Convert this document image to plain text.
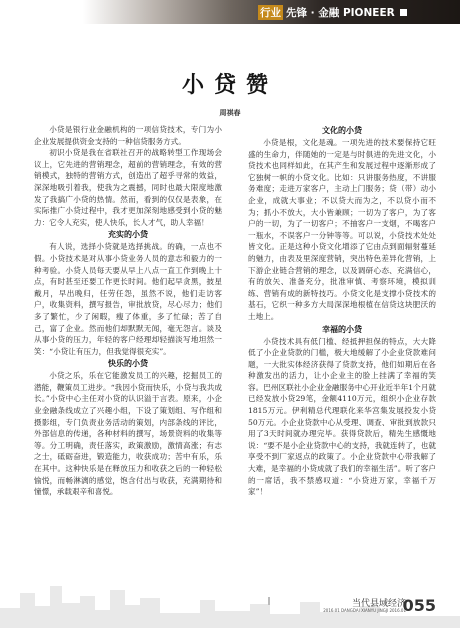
行业 先锋 · 金融 PIONEER
小贷赞
周祺春

小贷是银行业金融机构的一项信贷技术，专门为小企业发展提供资金支持的一种信贷服务方式。

初识小贷是我在省联社召开的战略转型工作现场会议上，它先进的营销理念，超前的营销理念，有效的营销模式，独特的营销方式，创造出了超乎寻常的效益，深深地吸引着我，使我为之震撼，同时也最大限度地激发了我搞广小贷的热情。然而，看到的仅仅是表象，在实际推广小贷过程中，我才更加深刻地感受到小贷的魅力：它令人充实，使人快乐，长人才气，助人幸福！

充实的小贷

有人说，选择小贷就是选择挑战。的确，一点也不假。小贷技术是对从事小贷业务人员的意志和毅力的一种考验。小贷人员每天要从早上八点一直工作到晚上十点，有时甚至还要工作更长时间。他们起早贪黑，披星戴月，早出晚归，任劳任怨，虽然不说，他们走访客户，收集资料，撰写报告，审批放贷，尽心尽力；他们多了繁忙，少了闲暇，瘦了体重，多了忙碌；苦了自己，富了企业。然而他们却默默无闻，毫无怨言。谈及从事小贷的压力，年轻的客户经理却轻描淡写地坦然一笑：“小贷让有压力，但我觉得很充实”。

快乐的小贷

小贷之乐，乐在它能激发员工的兴趣，挖掘员工的潜能，鞭策员工进步。“我因小贷而快乐，小贷与我共成长。”小贷中心主任对小贷的认识溢于言表。原来，小企业金融条线成立了兴趣小组，下设了策划组、写作组和摄影组，专门负责业务活动的策划，内部条线的评比，外部信息的传递，各种材料的撰写，场景资料的收集等等。分工明确，责任落实，政策激励，激情高涨；有志之士，砥砺奋进，锻造能力，收获成功；苦中有乐，乐在其中。这种快乐是在释放压力和收获之后的一种轻松愉悦，而畅淋漓的感觉，饱含付出与收获，充满期待和憧憬，承载艰辛和喜悦。

文化的小贷

小贷是根，文化是魂。一项先进的技术要保持它旺盛的生命力，伴随她的一定是与时俱进的先进文化，小贷技术也同样如此，在其产生和发展过程中逐渐形成了它独树一帜的小贷文化。比如：只讲服务热度，不讲服务难度；走进万家客户，主动上门服务；贷（带）动小企业，成就大事业；不以贷大而为之，不以贷小而不为；抓小不放大，大小皆兼顾；一切为了客户，为了客户的一切，为了一切客户；不抽客户一支烟，不喝客户一瓶水，不误客户一分钟等等。可以说，小贷技术处处皆文化。正是这种小贷文化增添了它由点到面辐射蔓延的魅力，由表及里深度营销，突出特色差异化营销，上下游企业链合营销的理念，以及调研心态、充满信心，有的放矢、准备充分，批准审慎、考察环境，模拟训练、营销有成的新特技巧。小贷文化是支撑小贷技术的基石，它织一种多方大局深深地根植在信贷这块肥沃的土地上。

幸福的小贷

小贷技术具有低门槛、经抵押担保的特点，大大降低了小企业贷款的门槛，极大地缓解了小企业贷款难问题，一大批实体经济获得了贷款支持，他们如期后在各种激发出的活力，让小企业主的脸上挂满了幸福的笑容。巴州区联社小企业金融服务中心开业近半年1个月就已经发放小贷29笔，金额4110万元，组织小企业存款1815万元。伊利精总代理联化来华宫集发展投发小贷50万元。小企业贷款中心从受理、调查、审批到放款只用了3天时间就办理完毕。获得贷款后，精先生感慨地说：“要不是小企业贷款中心的支持，我就连转了，也就享受不到厂家返点的政策了。小企业贷款中心带我解了大难，是幸福的小贷成就了我们的幸福生活”。听了客户的一席话，我不禁感叹道：“小贷进万家，幸福千万家”！

当代县域经济
2016.01 DANGDAI XIANYU JINGJI 2016.01
055
